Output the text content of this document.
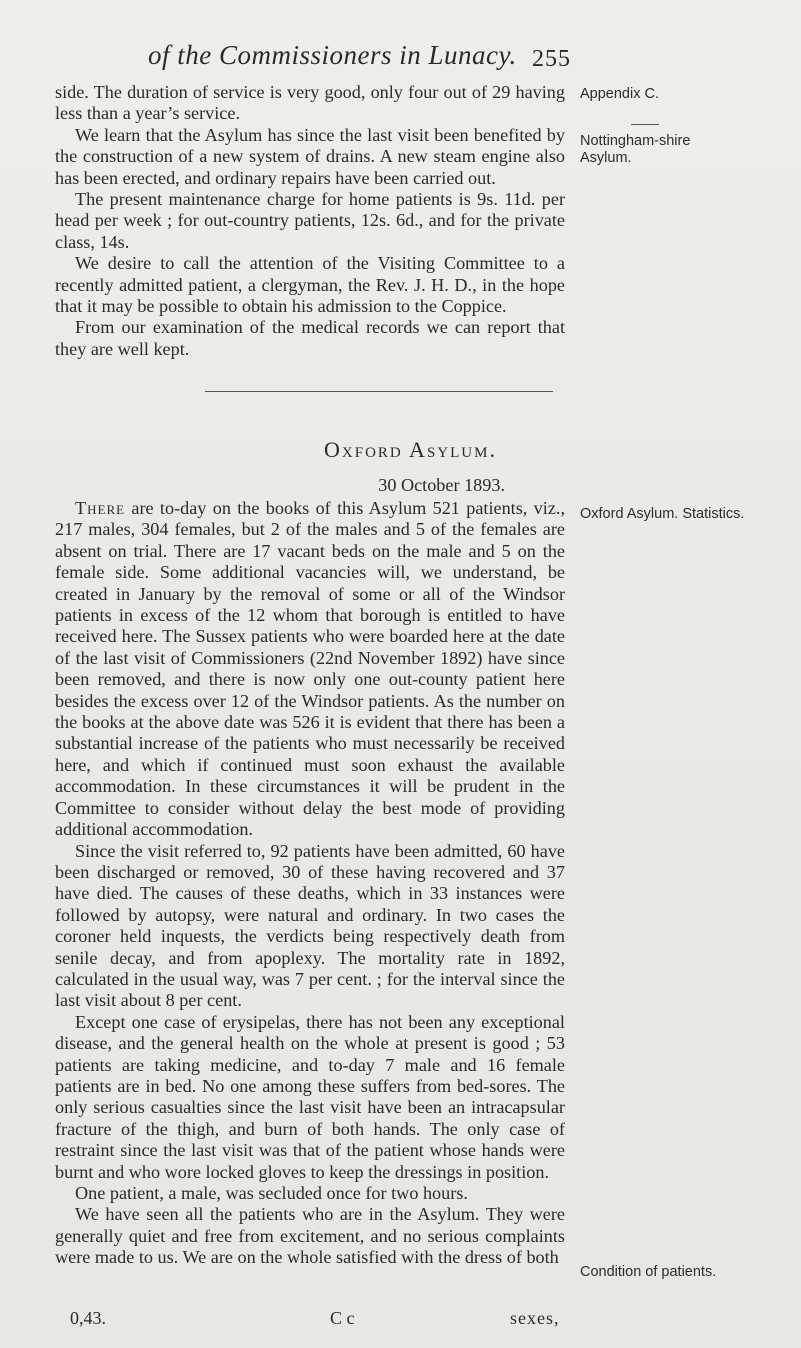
of the Commissioners in Lunacy. 255

side. The duration of service is very good, only four out of 29 having less than a year’s service.

We learn that the Asylum has since the last visit been benefited by the construction of a new system of drains. A new steam engine also has been erected, and ordinary repairs have been carried out.

The present maintenance charge for home patients is 9s. 11d. per head per week ; for out-country patients, 12s. 6d., and for the private class, 14s.

We desire to call the attention of the Visiting Committee to a recently admitted patient, a clergyman, the Rev. J. H. D., in the hope that it may be possible to obtain his admission to the Coppice.

From our examination of the medical records we can report that they are well kept.

Appendix C.
Nottingham-shire Asylum.
Oxford Asylum.
30 October 1893.

There are to-day on the books of this Asylum 521 patients, viz., 217 males, 304 females, but 2 of the males and 5 of the females are absent on trial. There are 17 vacant beds on the male and 5 on the female side. Some additional vacancies will, we understand, be created in January by the removal of some or all of the Windsor patients in excess of the 12 whom that borough is entitled to have received here. The Sussex patients who were boarded here at the date of the last visit of Commissioners (22nd November 1892) have since been removed, and there is now only one out-county patient here besides the excess over 12 of the Windsor patients. As the number on the books at the above date was 526 it is evident that there has been a substantial increase of the patients who must necessarily be received here, and which if continued must soon exhaust the available accommodation. In these circumstances it will be prudent in the Committee to consider without delay the best mode of providing additional accommodation.

Since the visit referred to, 92 patients have been admitted, 60 have been discharged or removed, 30 of these having recovered and 37 have died. The causes of these deaths, which in 33 instances were followed by autopsy, were natural and ordinary. In two cases the coroner held inquests, the verdicts being respectively death from senile decay, and from apoplexy. The mortality rate in 1892, calculated in the usual way, was 7 per cent. ; for the interval since the last visit about 8 per cent.

Except one case of erysipelas, there has not been any exceptional disease, and the general health on the whole at present is good ; 53 patients are taking medicine, and to-day 7 male and 16 female patients are in bed. No one among these suffers from bed-sores. The only serious casualties since the last visit have been an intracapsular fracture of the thigh, and burn of both hands. The only case of restraint since the last visit was that of the patient whose hands were burnt and who wore locked gloves to keep the dressings in position.

One patient, a male, was secluded once for two hours.

We have seen all the patients who are in the Asylum. They were generally quiet and free from excitement, and no serious complaints were made to us. We are on the whole satisfied with the dress of both

Oxford Asylum. Statistics.
Condition of patients.
0,43.	C c	sexes,
